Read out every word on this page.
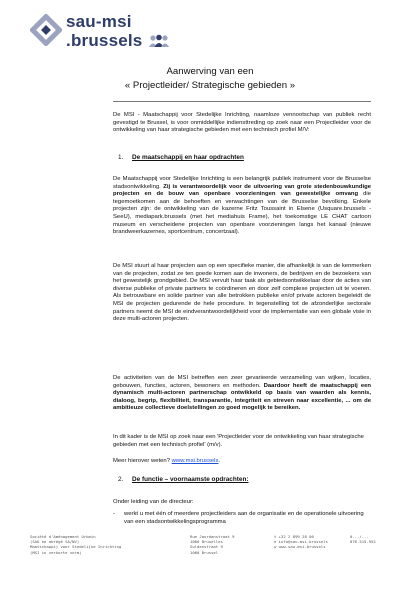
sau-msi
.brussels
Aanwerving van een
« Projectleider/ Strategische gebieden »
De MSI - Maatschappij voor Stedelijke Inrichting, naamloze vennootschap van publiek recht gevestigd te Brussel, is voor onmiddellijke indiensttreding op zoek naar een Projectleider voor de ontwikkeling van haar strategische gebieden met een technisch profiel M/V:
1. De maatschappij en haar opdrachten
De Maatschappij voor Stedelijke Inrichting is een belangrijk publiek instrument voor de Brusselse stadsontwikkeling. Zij is verantwoordelijk voor de uitvoering van grote stedenbouwkundige projecten en de bouw van openbare voorzieningen van gewestelijke omvang die tegemoetkomen aan de behoeften en verwachtingen van de Brusselse bevolking. Enkele projecten zijn: de ontwikkeling van de kazerne Fritz Toussaint in Elsene (Usquare.brussels - SeeU), mediapark.brussels (met het mediahuis Frame), het toekomstige LE CHAT cartoon museum en verscheidene projecten van openbare voorzieningen langs het kanaal (nieuwe brandweerkazernes, sportcentrum, concertzaal).
De MSI stuurt al haar projecten aan op een specifieke manier, die afhankelijk is van de kenmerken van de projecten, zodat ze ten goede komen aan de inwoners, de bedrijven en de bezoekers van het gewestelijk grondgebied. De MSI vervult haar taak als gebiedsontwikkelaar door de acties van diverse publieke of private partners te coördineren en door zelf complexe projecten uit te voeren. Als betrouwbare en solide partner van alle betrokken publieke en/of private actoren begeleidt de MSI de projecten gedurende de hele procedure. In tegenstelling tot de afzonderlijke sectorale partners neemt de MSI de eindverantwoordelijkheid voor de implementatie van een globale visie in deze multi-actoren projecten.
De activiteiten van de MSI betreffen een zeer gevarieerde verzameling van wijken, locaties, gebouwen, functies, actoren, bewoners en methoden. Daardoor heeft de maatschappij een dynamisch multi-actoren partnerschap ontwikkeld op basis van waarden als kennis, dialoog, begrip, flexibiliteit, transparantie, integriteit en streven naar excellentie, ... om de ambitieuze collectieve doelstellingen zo goed mogelijk te bereiken.
In dit kader is de MSI op zoek naar een 'Projectleider voor de ontwikkeling van haar strategische gebieden met een technisch profiel' (m/v).
Meer hierover weten? www.msi.brussels.
2. De functie – voornaamste opdrachten:
Onder leiding van de directeur:
- werkt u met één of meerdere projectleiders aan de organisatie en de operationele uitvoering van een stadsontwikkelingsprogramma
Société d'Aménagement Urbain
(SAU en abrégé SA/NV)
Maatschappij voor Stedelijke Inrichting
(MSI in verkorte vorm)
Rue Jourdanstraat 9
1060 Bruxelles
Guldenstraat 9
1060 Brussel
t +32 2 899 28 00
e info@sau-msi.brussels
w www.sau-msi.brussels
0.../...
876.515.952
